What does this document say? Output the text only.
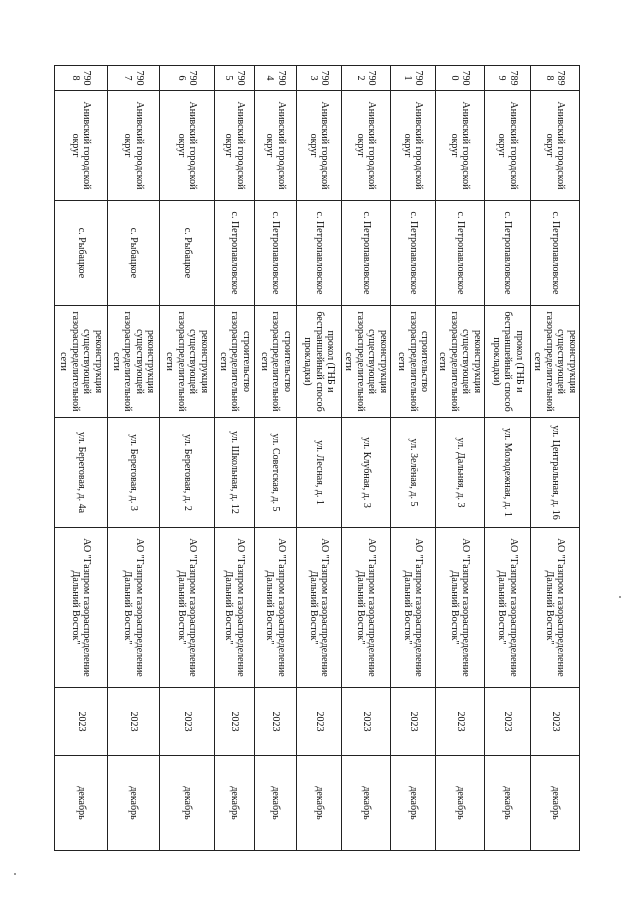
7898	Анивский городской округ	с. Петропавловское	реконструкция существующей газораспределительной сети	ул. Центральная, д. 16	АО "Газпром газораспределение Дальний Восток"	2023	декабрь
7899	Анивский городской округ	с. Петропавловское	прокол (ГНБ и бестраншейный способ прокладки)	ул. Молодежная, д. 1	АО "Газпром газораспределение Дальний Восток"	2023	декабрь
7900	Анивский городской округ	с. Петропавловское	реконструкция существующей газораспределительной сети	ул. Дальняя, д. 3	АО "Газпром газораспределение Дальний Восток"	2023	декабрь
7901	Анивский городской округ	с. Петропавловское	строительство газораспределительной сети	ул. Зелёная, д. 5	АО "Газпром газораспределение Дальний Восток"	2023	декабрь
7902	Анивский городской округ	с. Петропавловское	реконструкция существующей газораспределительной сети	ул. Клубная, д. 3	АО "Газпром газораспределение Дальний Восток"	2023	декабрь
7903	Анивский городской округ	с. Петропавловское	прокол (ГНБ и бестраншейный способ прокладки)	ул. Лесная, д. 1	АО "Газпром газораспределение Дальний Восток"	2023	декабрь
7904	Анивский городской округ	с. Петропавловское	строительство газораспределительной сети	ул. Советская, д. 5	АО "Газпром газораспределение Дальний Восток"	2023	декабрь
7905	Анивский городской округ	с. Петропавловское	строительство газораспределительной сети	ул. Школьная, д. 12	АО "Газпром газораспределение Дальний Восток"	2023	декабрь
7906	Анивский городской округ	с. Рыбацкое	реконструкция существующей газораспределительной сети	ул. Береговая, д. 2	АО "Газпром газораспределение Дальний Восток"	2023	декабрь
7907	Анивский городской округ	с. Рыбацкое	реконструкция существующей газораспределительной сети	ул. Береговая, д. 3	АО "Газпром газораспределение Дальний Восток"	2023	декабрь
7908	Анивский городской округ	с. Рыбацкое	реконструкция существующей газораспределительной сети	ул. Береговая, д. 4а	АО "Газпром газораспределение Дальний Восток"	2023	декабрь
